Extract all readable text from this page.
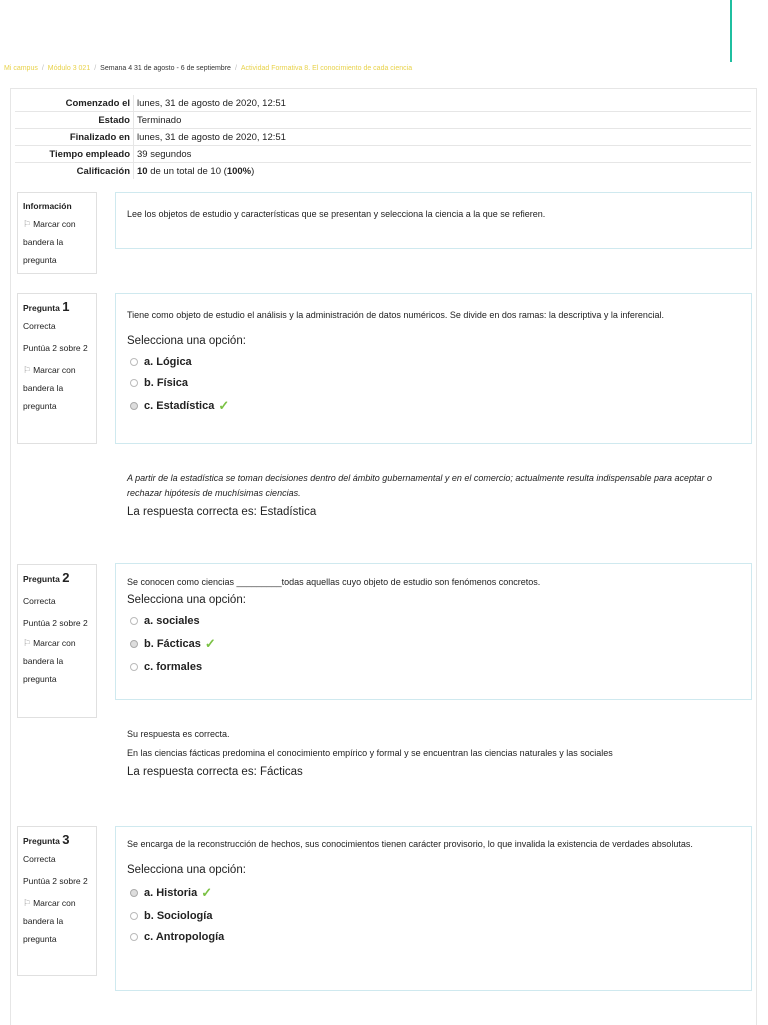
Mi campus / Módulo 3 021 / Semana 4 31 de agosto - 6 de septiembre / Actividad Formativa 8. El conocimiento de cada ciencia
Comenzado el	lunes, 31 de agosto de 2020, 12:51
Estado	Terminado
Finalizado en	lunes, 31 de agosto de 2020, 12:51
Tiempo empleado	39 segundos
Calificación	10 de un total de 10 (100%)
Información
⚐ Marcar con bandera la pregunta
Lee los objetos de estudio y características que se presentan y selecciona la ciencia a la que se refieren.
Pregunta 1
Correcta
Puntúa 2 sobre 2
⚐ Marcar con bandera la pregunta
Tiene como objeto de estudio el análisis y la administración de datos numéricos. Se divide en dos ramas: la descriptiva y la inferencial.
Selecciona una opción:
a. Lógica
b. Física
c. Estadística ✓
A partir de la estadística se toman decisiones dentro del ámbito gubernamental y en el comercio; actualmente resulta indispensable para aceptar o rechazar hipótesis de muchísimas ciencias.
La respuesta correcta es: Estadística
Pregunta 2
Correcta
Puntúa 2 sobre 2
⚐ Marcar con bandera la pregunta
Se conocen como ciencias _________todas aquellas cuyo objeto de estudio son fenómenos concretos.
Selecciona una opción:
a. sociales
b. Fácticas ✓
c. formales
Su respuesta es correcta.
En las ciencias fácticas predomina el conocimiento empírico y formal y se encuentran las ciencias naturales y las sociales
La respuesta correcta es: Fácticas
Pregunta 3
Correcta
Puntúa 2 sobre 2
⚐ Marcar con bandera la pregunta
Se encarga de la reconstrucción de hechos, sus conocimientos tienen carácter provisorio, lo que invalida la existencia de verdades absolutas.
Selecciona una opción:
a. Historia ✓
b. Sociología
c. Antropología
